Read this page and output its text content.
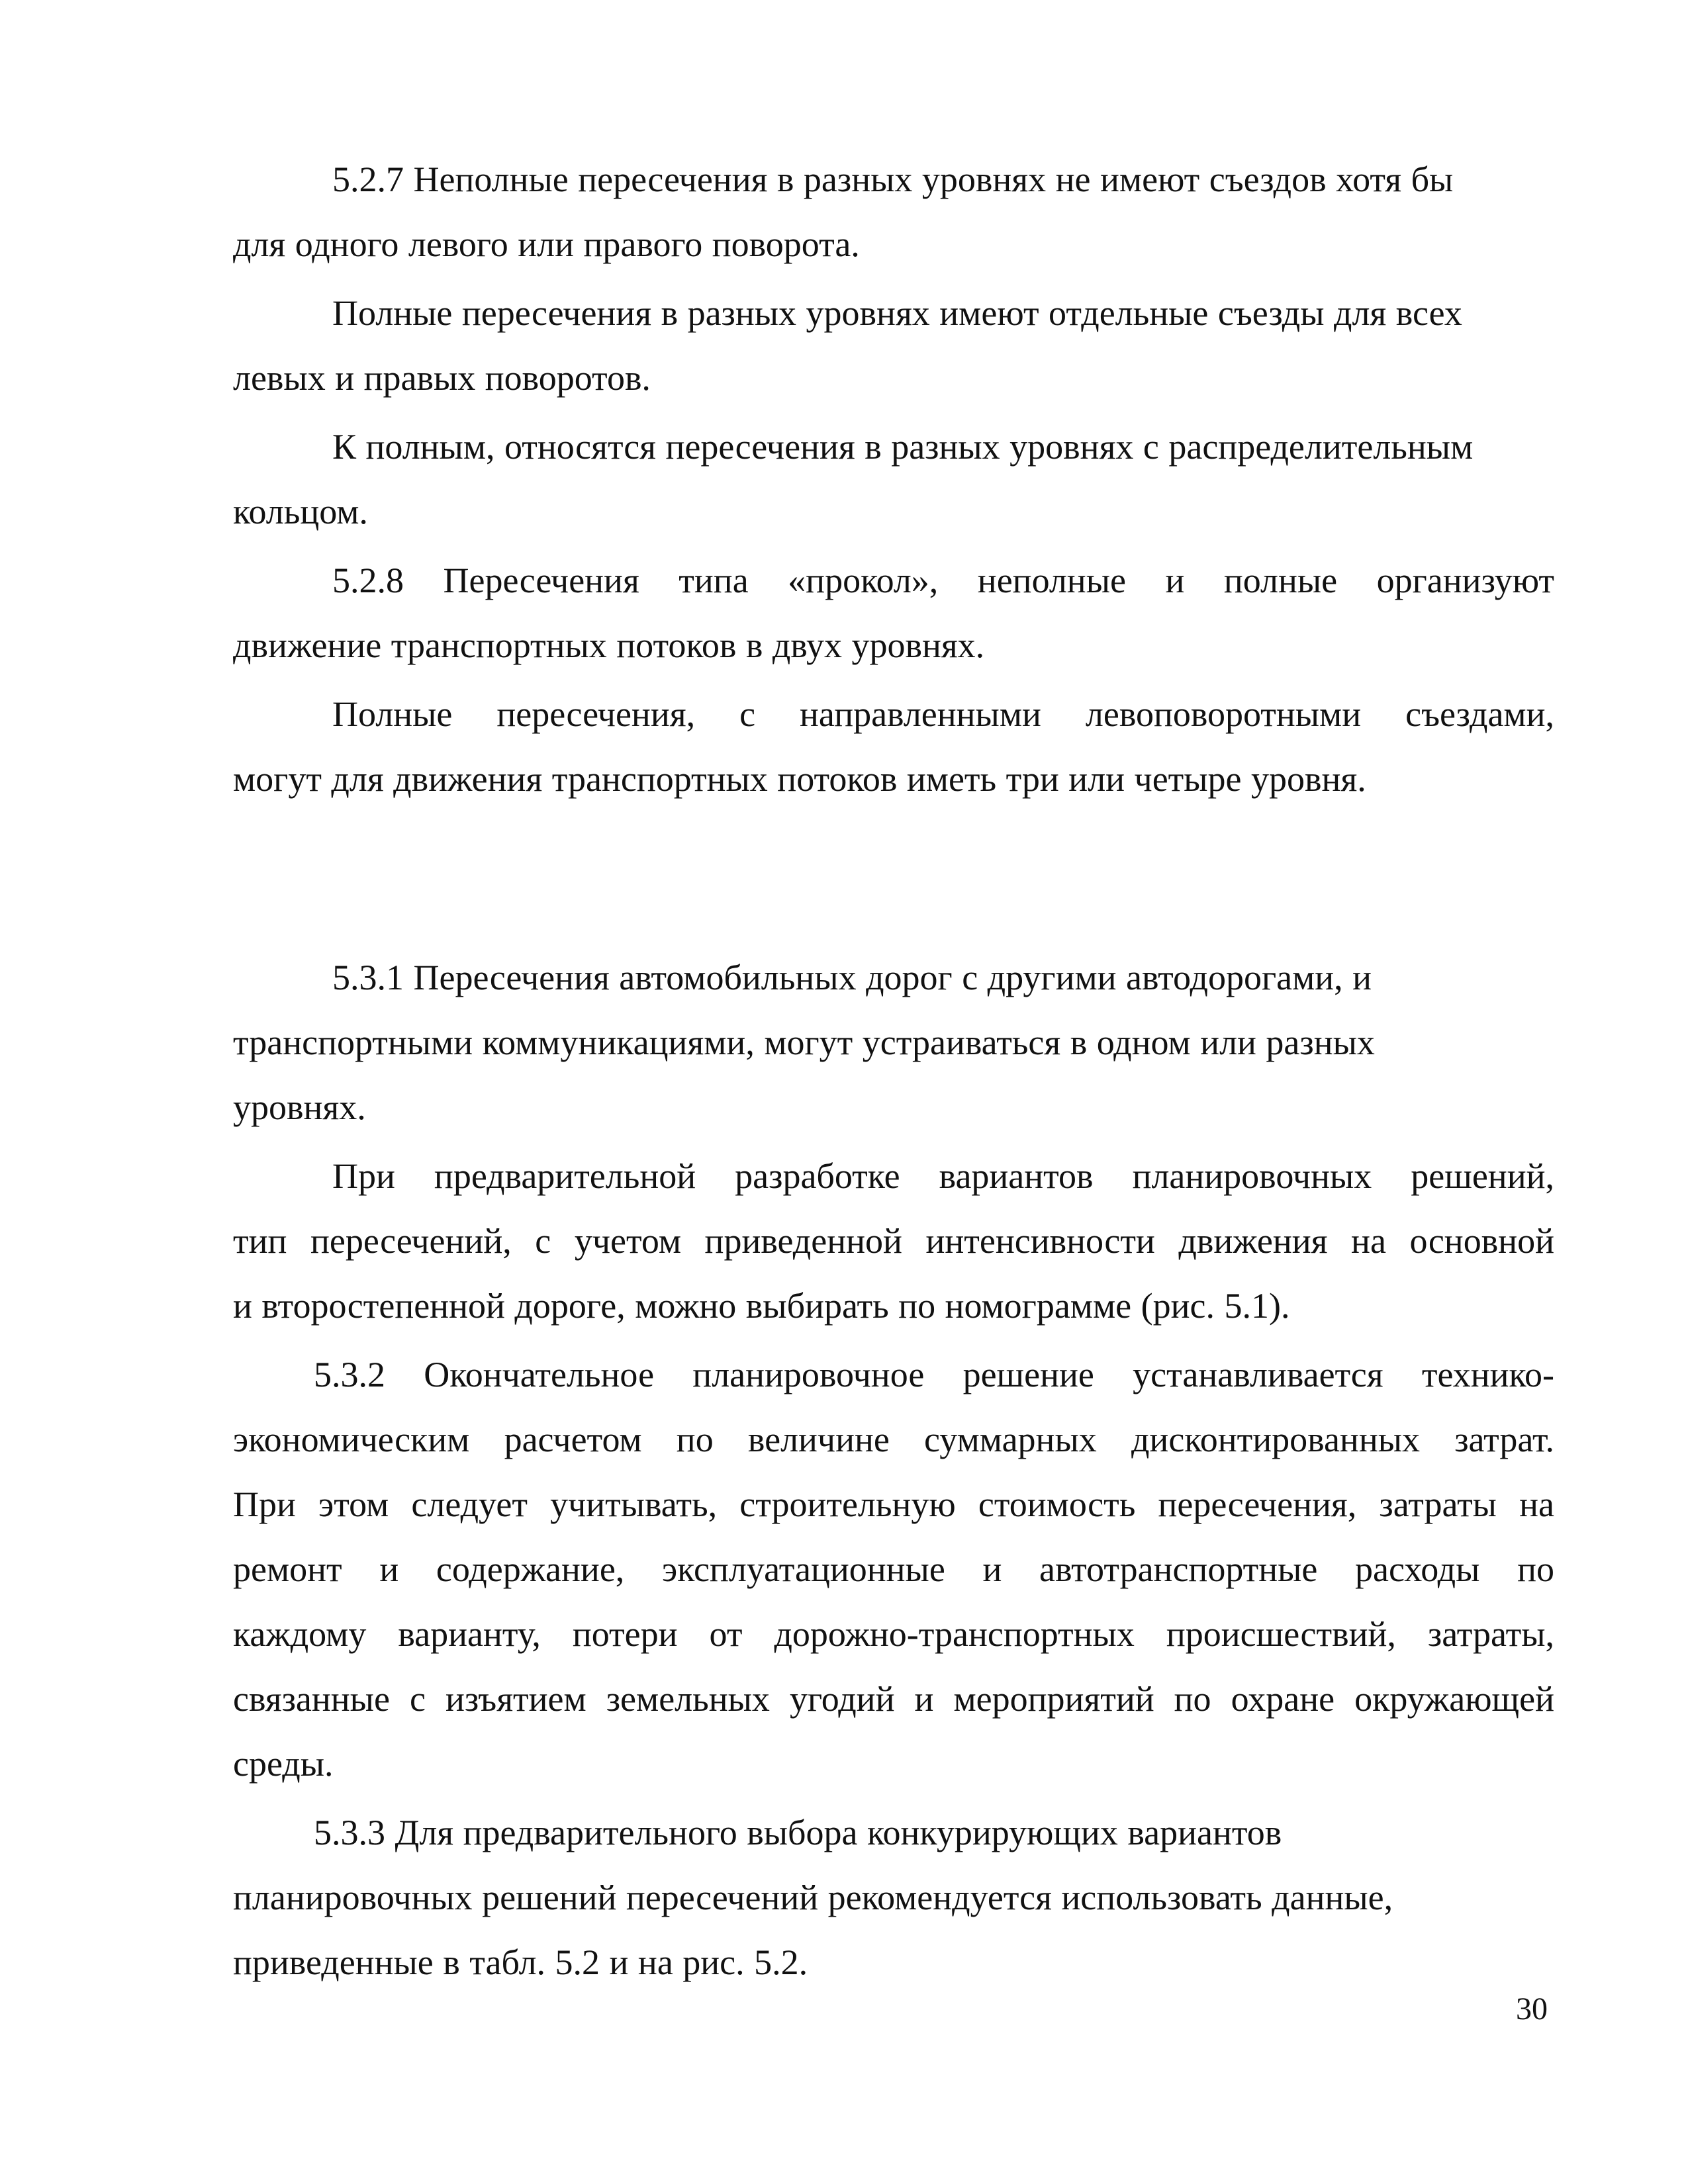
5.2.7 Неполные пересечения в разных уровнях не имеют съездов хотя бы
для одного левого или правого поворота.
Полные пересечения в разных уровнях имеют отдельные съезды для всех
левых и правых поворотов.
К полным, относятся пересечения в разных уровнях с распределительным
кольцом.
5.2.8 Пересечения типа «прокол», неполные и полные организуют
движение транспортных потоков в двух уровнях.
Полные пересечения, с направленными левоповоротными съездами,
могут для движения транспортных потоков иметь три или четыре уровня.
5.3.1 Пересечения автомобильных дорог с другими автодорогами, и
транспортными коммуникациями, могут устраиваться в одном или разных
уровнях.
При предварительной разработке вариантов планировочных решений,
тип пересечений, с учетом приведенной интенсивности движения на основной
и второстепенной дороге, можно выбирать по номограмме (рис. 5.1).
5.3.2 Окончательное планировочное решение устанавливается технико-
экономическим расчетом по величине суммарных дисконтированных затрат.
При этом следует учитывать, строительную стоимость пересечения, затраты на
ремонт и содержание, эксплуатационные и автотранспортные расходы по
каждому варианту, потери от дорожно-транспортных происшествий, затраты,
связанные с изъятием земельных угодий и мероприятий по охране окружающей
среды.
5.3.3 Для предварительного выбора конкурирующих вариантов
планировочных решений пересечений рекомендуется использовать данные,
приведенные в табл. 5.2 и на рис. 5.2.
30
